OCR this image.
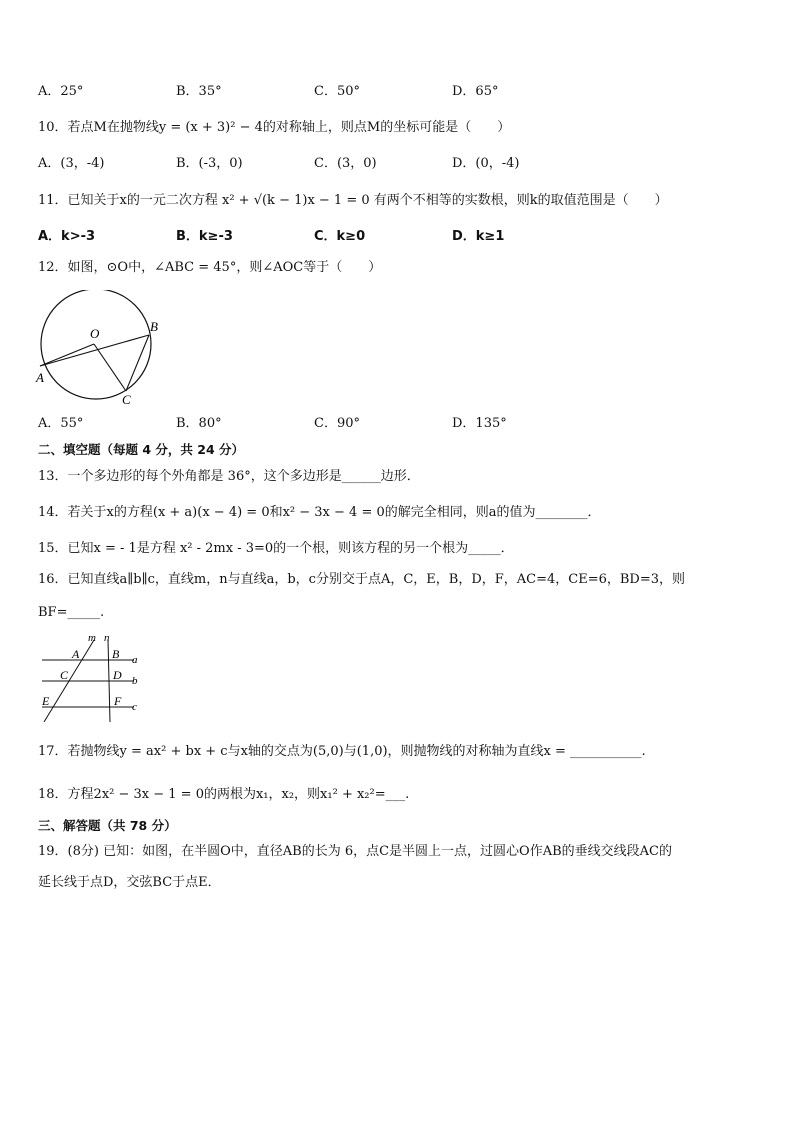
A．25°	B．35°	C．50°	D．65°
10．若点M在抛物线y = (x + 3)² − 4的对称轴上，则点M的坐标可能是（　　）
A．(3，-4)	B．(-3，0)	C．(3，0)	D．(0，-4)
11．已知关于x的一元二次方程 x² + √(k − 1)x − 1 = 0 有两个不相等的实数根，则k的取值范围是（　　）
A．k>-3	B．k≥-3	C．k≥0	D．k≥1
12．如图，⊙O中，∠ABC = 45°，则∠AOC等于（　　）
O
A
B
C
A．55°	B．80°	C．90°	D．135°
二、填空题（每题 4 分，共 24 分）
13．一个多边形的每个外角都是 36°，这个多边形是______边形．
14．若关于x的方程(x + a)(x − 4) = 0和x² − 3x − 4 = 0的解完全相同，则a的值为________．
15．已知x = - 1是方程 x² - 2mx - 3=0的一个根，则该方程的另一个根为_____．
16．已知直线a∥b∥c，直线m，n与直线a，b，c分别交于点A，C，E，B，D，F，AC=4，CE=6，BD=3，则
BF=_____.
m n
a
b
c
A	B
C	D
E	F
17．若抛物线y = ax² + bx + c与x轴的交点为(5,0)与(1,0)，则抛物线的对称轴为直线x = ___________.
18．方程2x² − 3x − 1 = 0的两根为x₁，x₂，则x₁² + x₂²=___.
三、解答题（共 78 分）
19．(8分) 已知：如图，在半圆O中，直径AB的长为 6，点C是半圆上一点，过圆心O作AB的垂线交线段AC的
延长线于点D，交弦BC于点E．
